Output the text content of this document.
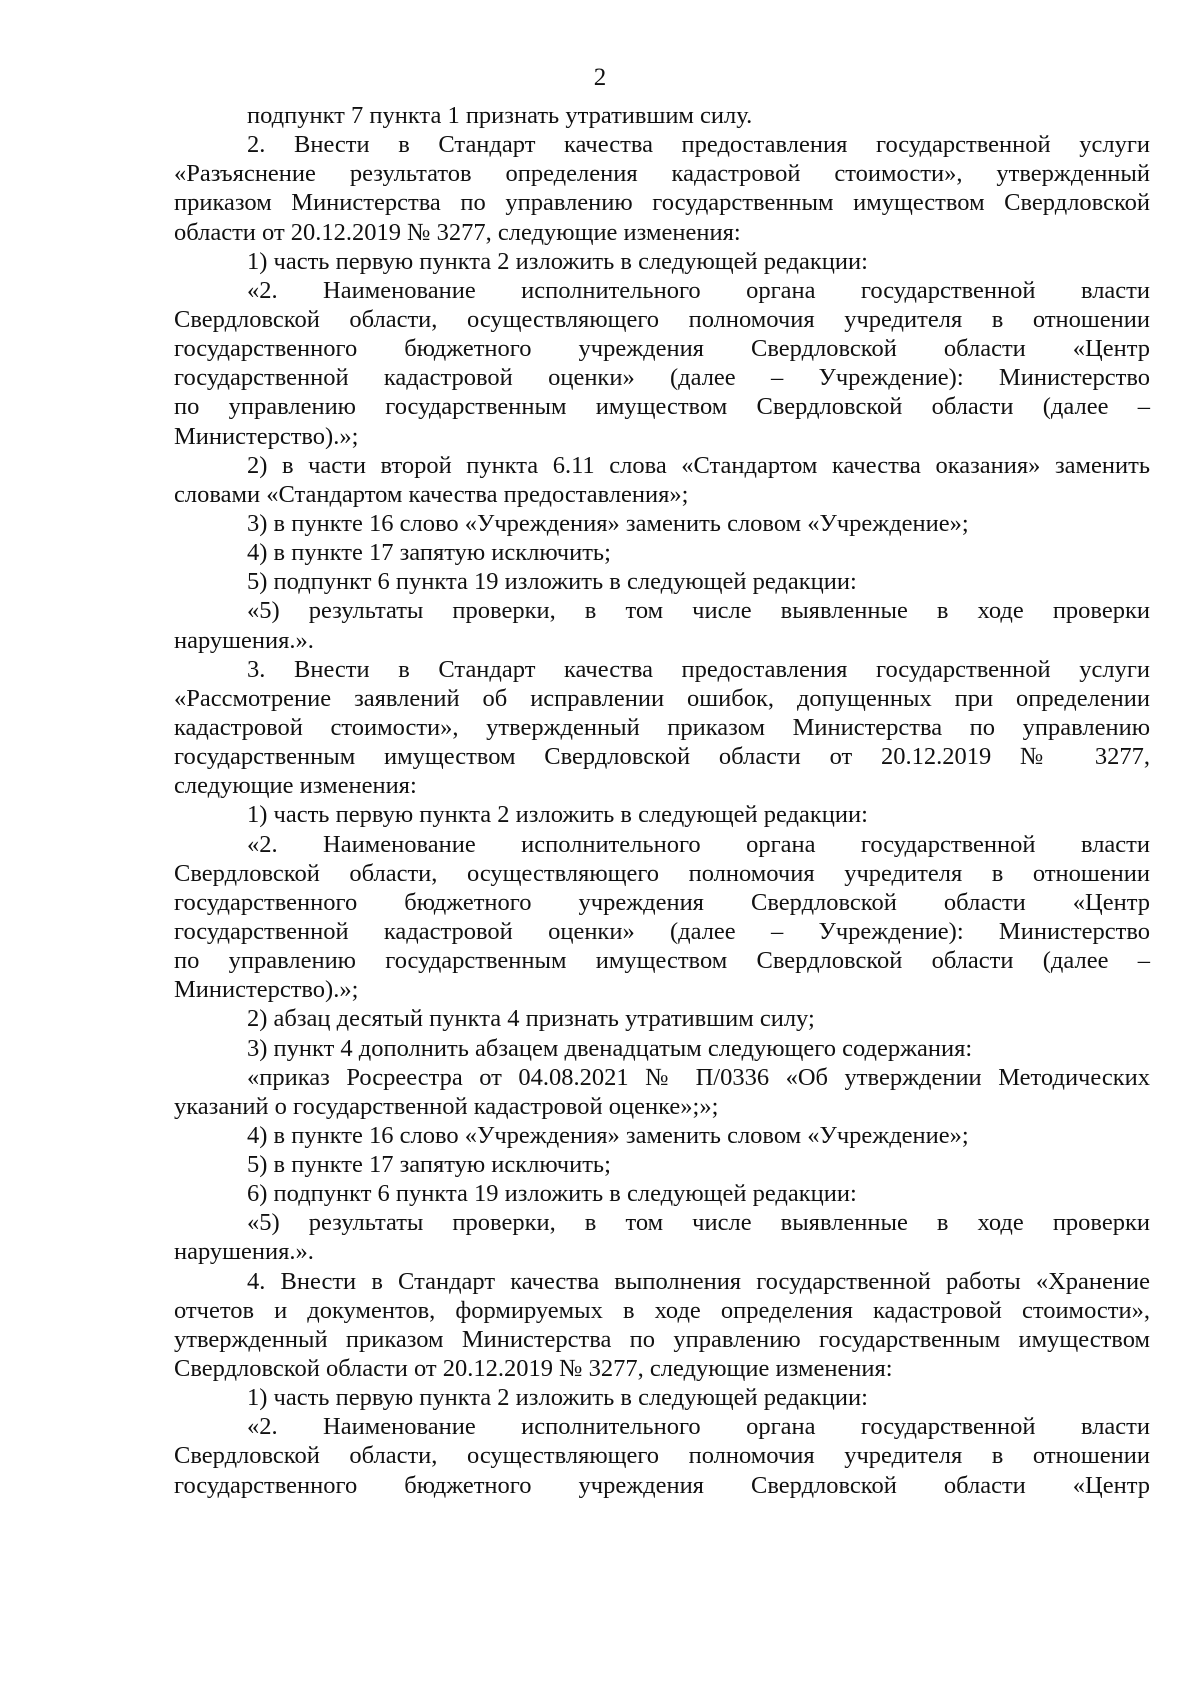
2
подпункт 7 пункта 1 признать утратившим силу.
2. Внести в Стандарт качества предоставления государственной услуги
«Разъяснение результатов определения кадастровой стоимости», утвержденный
приказом Министерства по управлению государственным имуществом Свердловской
области от 20.12.2019 № 3277, следующие изменения:
1) часть первую пункта 2 изложить в следующей редакции:
«2. Наименование исполнительного органа государственной власти
Свердловской области, осуществляющего полномочия учредителя в отношении
государственного бюджетного учреждения Свердловской области «Центр
государственной кадастровой оценки» (далее – Учреждение): Министерство
по управлению государственным имуществом Свердловской области (далее –
Министерство).»;
2) в части второй пункта 6.11 слова «Стандартом качества оказания» заменить
словами «Стандартом качества предоставления»;
3) в пункте 16 слово «Учреждения» заменить словом «Учреждение»;
4) в пункте 17 запятую исключить;
5) подпункт 6 пункта 19 изложить в следующей редакции:
«5) результаты проверки, в том числе выявленные в ходе проверки
нарушения.».
3. Внести в Стандарт качества предоставления государственной услуги
«Рассмотрение заявлений об исправлении ошибок, допущенных при определении
кадастровой стоимости», утвержденный приказом Министерства по управлению
государственным имуществом Свердловской области от 20.12.2019 № 3277,
следующие изменения:
1) часть первую пункта 2 изложить в следующей редакции:
«2. Наименование исполнительного органа государственной власти
Свердловской области, осуществляющего полномочия учредителя в отношении
государственного бюджетного учреждения Свердловской области «Центр
государственной кадастровой оценки» (далее – Учреждение): Министерство
по управлению государственным имуществом Свердловской области (далее –
Министерство).»;
2) абзац десятый пункта 4 признать утратившим силу;
3) пункт 4 дополнить абзацем двенадцатым следующего содержания:
«приказ Росреестра от 04.08.2021 № П/0336 «Об утверждении Методических
указаний о государственной кадастровой оценке»;»;
4) в пункте 16 слово «Учреждения» заменить словом «Учреждение»;
5) в пункте 17 запятую исключить;
6) подпункт 6 пункта 19 изложить в следующей редакции:
«5) результаты проверки, в том числе выявленные в ходе проверки
нарушения.».
4. Внести в Стандарт качества выполнения государственной работы «Хранение
отчетов и документов, формируемых в ходе определения кадастровой стоимости»,
утвержденный приказом Министерства по управлению государственным имуществом
Свердловской области от 20.12.2019 № 3277, следующие изменения:
1) часть первую пункта 2 изложить в следующей редакции:
«2. Наименование исполнительного органа государственной власти
Свердловской области, осуществляющего полномочия учредителя в отношении
государственного бюджетного учреждения Свердловской области «Центр
